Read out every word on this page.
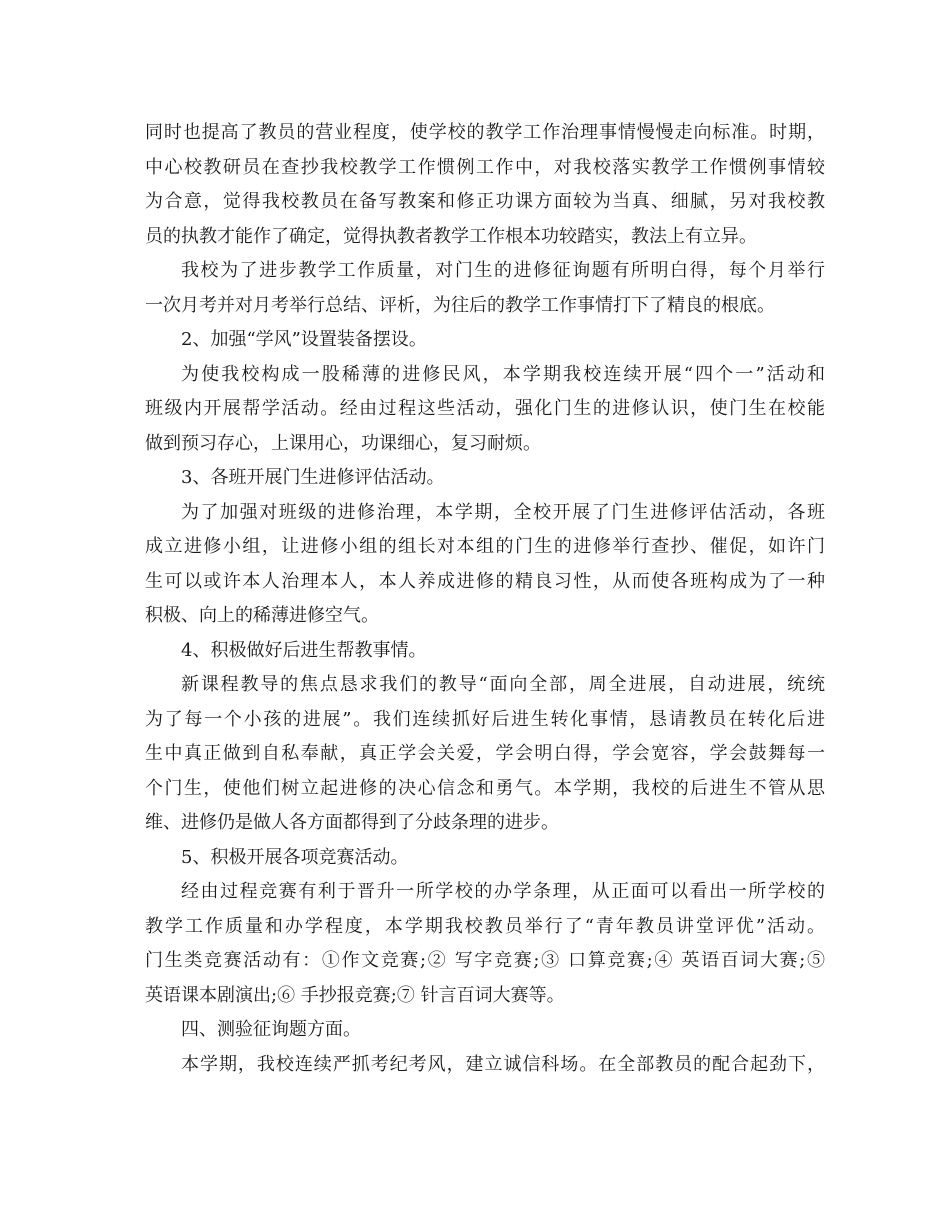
同时也提高了教员的营业程度，使学校的教学工作治理事情慢慢走向标准。时期，
中心校教研员在查抄我校教学工作惯例工作中，对我校落实教学工作惯例事情较
为合意，觉得我校教员在备写教案和修正功课方面较为当真、细腻，另对我校教
员的执教才能作了确定，觉得执教者教学工作根本功较踏实，教法上有立异。
我校为了进步教学工作质量，对门生的进修征询题有所明白得，每个月举行
一次月考并对月考举行总结、评析，为往后的教学工作事情打下了精良的根底。
2、加强“学风”设置装备摆设。
为使我校构成一股稀薄的进修民风，本学期我校连续开展“四个一”活动和
班级内开展帮学活动。经由过程这些活动，强化门生的进修认识，使门生在校能
做到预习存心，上课用心，功课细心，复习耐烦。
3、各班开展门生进修评估活动。
为了加强对班级的进修治理，本学期，全校开展了门生进修评估活动，各班
成立进修小组，让进修小组的组长对本组的门生的进修举行查抄、催促，如许门
生可以或许本人治理本人，本人养成进修的精良习性，从而使各班构成为了一种
积极、向上的稀薄进修空气。
4、积极做好后进生帮教事情。
新课程教导的焦点恳求我们的教导“面向全部，周全进展，自动进展，统统
为了每一个小孩的进展”。我们连续抓好后进生转化事情，恳请教员在转化后进
生中真正做到自私奉献，真正学会关爱，学会明白得，学会宽容，学会鼓舞每一
个门生，使他们树立起进修的决心信念和勇气。本学期，我校的后进生不管从思
维、进修仍是做人各方面都得到了分歧条理的进步。
5、积极开展各项竞赛活动。
经由过程竞赛有利于晋升一所学校的办学条理，从正面可以看出一所学校的
教学工作质量和办学程度，本学期我校教员举行了“青年教员讲堂评优”活动。
门生类竞赛活动有：①作文竞赛;② 写字竞赛;③ 口算竞赛;④ 英语百词大赛;⑤
英语课本剧演出;⑥ 手抄报竞赛;⑦ 针言百词大赛等。
四、测验征询题方面。
本学期，我校连续严抓考纪考风，建立诚信科场。在全部教员的配合起劲下，
